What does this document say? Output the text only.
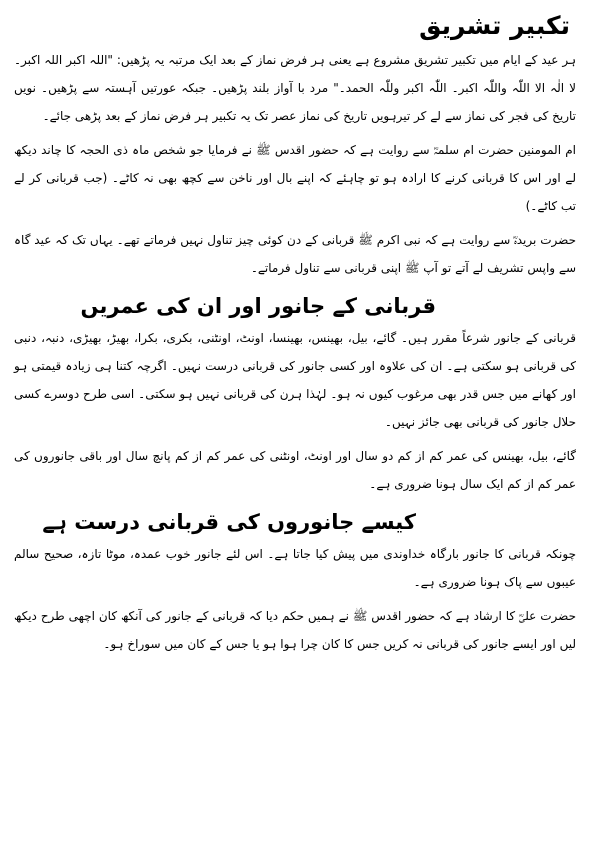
تکبیر تشریق

ہر عید کے ایام میں تکبیر تشریق مشروع ہے یعنی ہر فرض نماز کے بعد ایک مرتبہ یہ پڑھیں: "اللہ اکبر اللہ اکبر۔ لا الٰہ الا اللّٰہ واللّٰہ اکبر۔ اللّٰہ اکبر وللّٰہ الحمد۔" مرد با آواز بلند پڑھیں۔ جبکہ عورتیں آہستہ سے پڑھیں۔ نویں تاریخ کی فجر کی نماز سے لے کر تیرہویں تاریخ کی نماز عصر تک یہ تکبیر ہر فرض نماز کے بعد پڑھی جائے۔

ام المومنین حضرت ام سلمہؓ سے روایت ہے کہ حضور اقدس ﷺ نے فرمایا جو شخص ماہ ذی الحجہ کا چاند دیکھ لے اور اس کا قربانی کرنے کا ارادہ ہو تو چاہئے کہ اپنے بال اور ناخن سے کچھ بھی نہ کاٹے۔ (جب قربانی کر لے تب کاٹے۔)

حضرت بریدہؓ سے روایت ہے کہ نبی اکرم ﷺ قربانی کے دن کوئی چیز تناول نہیں فرماتے تھے۔ یہاں تک کہ عید گاہ سے واپس تشریف لے آتے تو آپ ﷺ اپنی قربانی سے تناول فرماتے۔

قربانی کے جانور اور ان کی عمریں

قربانی کے جانور شرعاً مقرر ہیں۔ گائے، بیل، بھینس، بھینسا، اونٹ، اونٹنی، بکری، بکرا، بھیڑ، بھیڑی، دنبہ، دنبی کی قربانی ہو سکتی ہے۔ ان کی علاوہ اور کسی جانور کی قربانی درست نہیں۔ اگرچہ کتنا ہی زیادہ قیمتی ہو اور کھانے میں جس قدر بھی مرغوب کیوں نہ ہو۔ لہٰذا ہرن کی قربانی نہیں ہو سکتی۔ اسی طرح دوسرے کسی حلال جانور کی قربانی بھی جائز نہیں۔

گائے، بیل، بھینس کی عمر کم از کم دو سال اور اونٹ، اونٹنی کی عمر کم از کم پانچ سال اور باقی جانوروں کی عمر کم از کم ایک سال ہونا ضروری ہے۔

کیسے جانوروں کی قربانی درست ہے

چونکہ قربانی کا جانور بارگاہ خداوندی میں پیش کیا جاتا ہے۔ اس لئے جانور خوب عمدہ، موٹا تازہ، صحیح سالم عیبوں سے پاک ہونا ضروری ہے۔

حضرت علیؓ کا ارشاد ہے کہ حضور اقدس ﷺ نے ہمیں حکم دیا کہ قربانی کے جانور کی آنکھ کان اچھی طرح دیکھ لیں اور ایسے جانور کی قربانی نہ کریں جس کا کان چرا ہوا ہو یا جس کے کان میں سوراخ ہو۔
